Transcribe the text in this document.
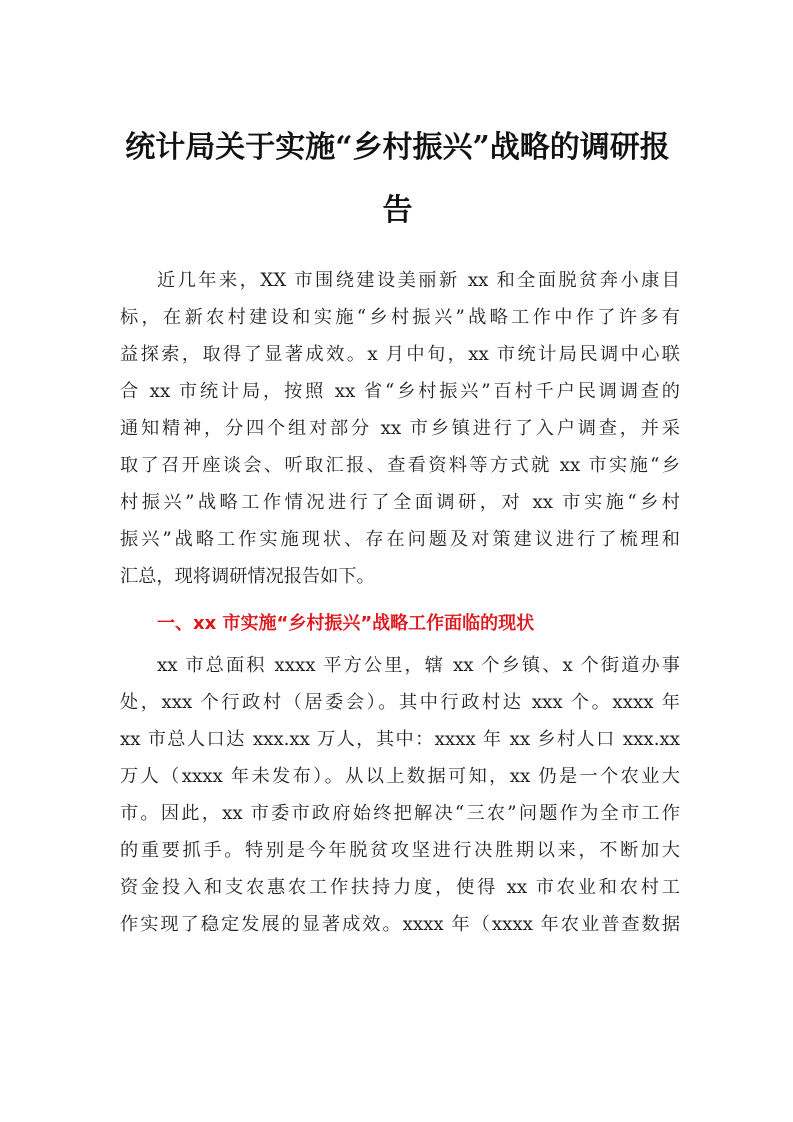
统计局关于实施“乡村振兴”战略的调研报
告
近几年来，XX 市围绕建设美丽新 xx 和全面脱贫奔小康目
标，在新农村建设和实施“乡村振兴”战略工作中作了许多有
益探索，取得了显著成效。x 月中旬，xx 市统计局民调中心联
合 xx 市统计局，按照 xx 省“乡村振兴”百村千户民调调查的
通知精神，分四个组对部分 xx 市乡镇进行了入户调查，并采
取了召开座谈会、听取汇报、查看资料等方式就 xx 市实施“乡
村振兴”战略工作情况进行了全面调研，对 xx 市实施“乡村
振兴”战略工作实施现状、存在问题及对策建议进行了梳理和
汇总，现将调研情况报告如下。
一、xx 市实施“乡村振兴”战略工作面临的现状
xx 市总面积 xxxx 平方公里，辖 xx 个乡镇、x 个街道办事
处，xxx 个行政村（居委会）。其中行政村达 xxx 个。xxxx 年
xx 市总人口达 xxx.xx 万人，其中：xxxx 年 xx 乡村人口 xxx.xx
万人（xxxx 年未发布）。从以上数据可知，xx 仍是一个农业大
市。因此，xx 市委市政府始终把解决“三农”问题作为全市工作
的重要抓手。特别是今年脱贫攻坚进行决胜期以来，不断加大
资金投入和支农惠农工作扶持力度，使得 xx 市农业和农村工
作实现了稳定发展的显著成效。xxxx 年（xxxx 年农业普查数据
